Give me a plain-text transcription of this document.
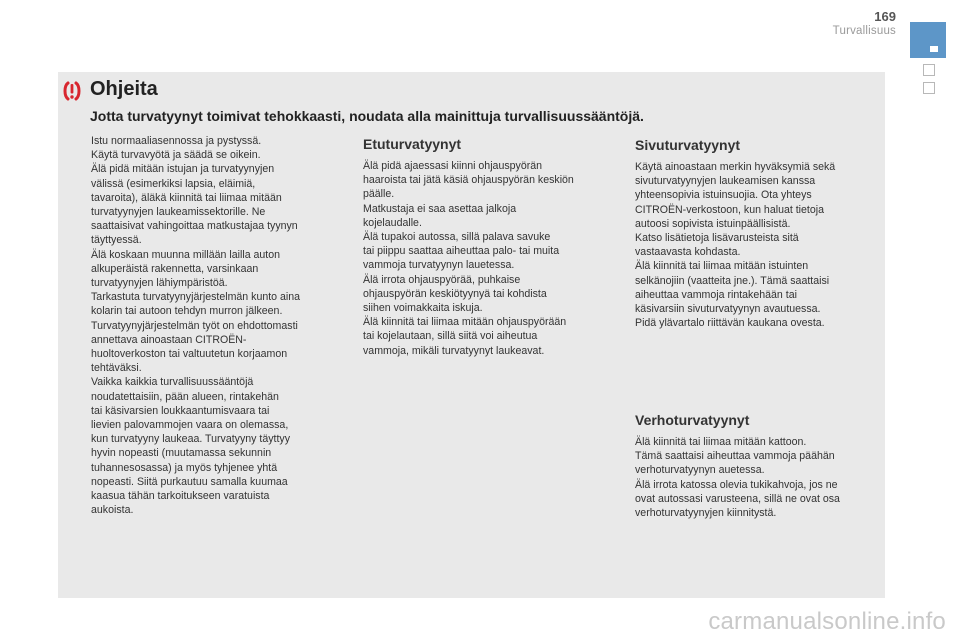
169
Turvallisuus
Ohjeita
Jotta turvatyynyt toimivat tehokkaasti, noudata alla mainittuja turvallisuussääntöjä.

Istu normaaliasennossa ja pystyssä.

Käytä turvavyötä ja säädä se oikein.

Älä pidä mitään istujan ja turvatyynyjen

välissä (esimerkiksi lapsia, eläimiä,

tavaroita), äläkä kiinnitä tai liimaa mitään

turvatyynyjen laukeamissektorille. Ne

saattaisivat vahingoittaa matkustajaa tyynyn

täyttyessä.

Älä koskaan muunna millään lailla auton

alkuperäistä rakennetta, varsinkaan

turvatyynyjen lähiympäristöä.

Tarkastuta turvatyynyjärjestelmän kunto aina

kolarin tai autoon tehdyn murron jälkeen.

Turvatyynyjärjestelmän työt on ehdottomasti

annettava ainoastaan CITROËN-

huoltoverkoston tai valtuutetun korjaamon

tehtäväksi.

Vaikka kaikkia turvallisuussääntöjä

noudatettaisiin, pään alueen, rintakehän

tai käsivarsien loukkaantumisvaara tai

lievien palovammojen vaara on olemassa,

kun turvatyyny laukeaa. Turvatyyny täyttyy

hyvin nopeasti (muutamassa sekunnin

tuhannesosassa) ja myös tyhjenee yhtä

nopeasti. Siitä purkautuu samalla kuumaa

kaasua tähän tarkoitukseen varatuista

aukoista.

Etuturvatyynyt

Älä pidä ajaessasi kiinni ohjauspyörän

haaroista tai jätä käsiä ohjauspyörän keskiön

päälle.

Matkustaja ei saa asettaa jalkoja

kojelaudalle.

Älä tupakoi autossa, sillä palava savuke

tai piippu saattaa aiheuttaa palo- tai muita

vammoja turvatyynyn lauetessa.

Älä irrota ohjauspyörää, puhkaise

ohjauspyörän keskiötyynyä tai kohdista

siihen voimakkaita iskuja.

Älä kiinnitä tai liimaa mitään ohjauspyörään

tai kojelautaan, sillä siitä voi aiheutua

vammoja, mikäli turvatyynyt laukeavat.

Sivuturvatyynyt

Käytä ainoastaan merkin hyväksymiä sekä

sivuturvatyynyjen laukeamisen kanssa

yhteensopivia istuinsuojia. Ota yhteys

CITROËN-verkostoon, kun haluat tietoja

autoosi sopivista istuinpäällisistä.

Katso lisätietoja lisävarusteista sitä

vastaavasta kohdasta.

Älä kiinnitä tai liimaa mitään istuinten

selkänojiin (vaatteita jne.). Tämä saattaisi

aiheuttaa vammoja rintakehään tai

käsivarsiin sivuturvatyynyn avautuessa.

Pidä ylävartalo riittävän kaukana ovesta.

Verhoturvatyynyt

Älä kiinnitä tai liimaa mitään kattoon.

Tämä saattaisi aiheuttaa vammoja päähän

verhoturvatyynyn auetessa.

Älä irrota katossa olevia tukikahvoja, jos ne

ovat autossasi varusteena, sillä ne ovat osa

verhoturvatyynyjen kiinnitystä.

carmanualsonline.info
